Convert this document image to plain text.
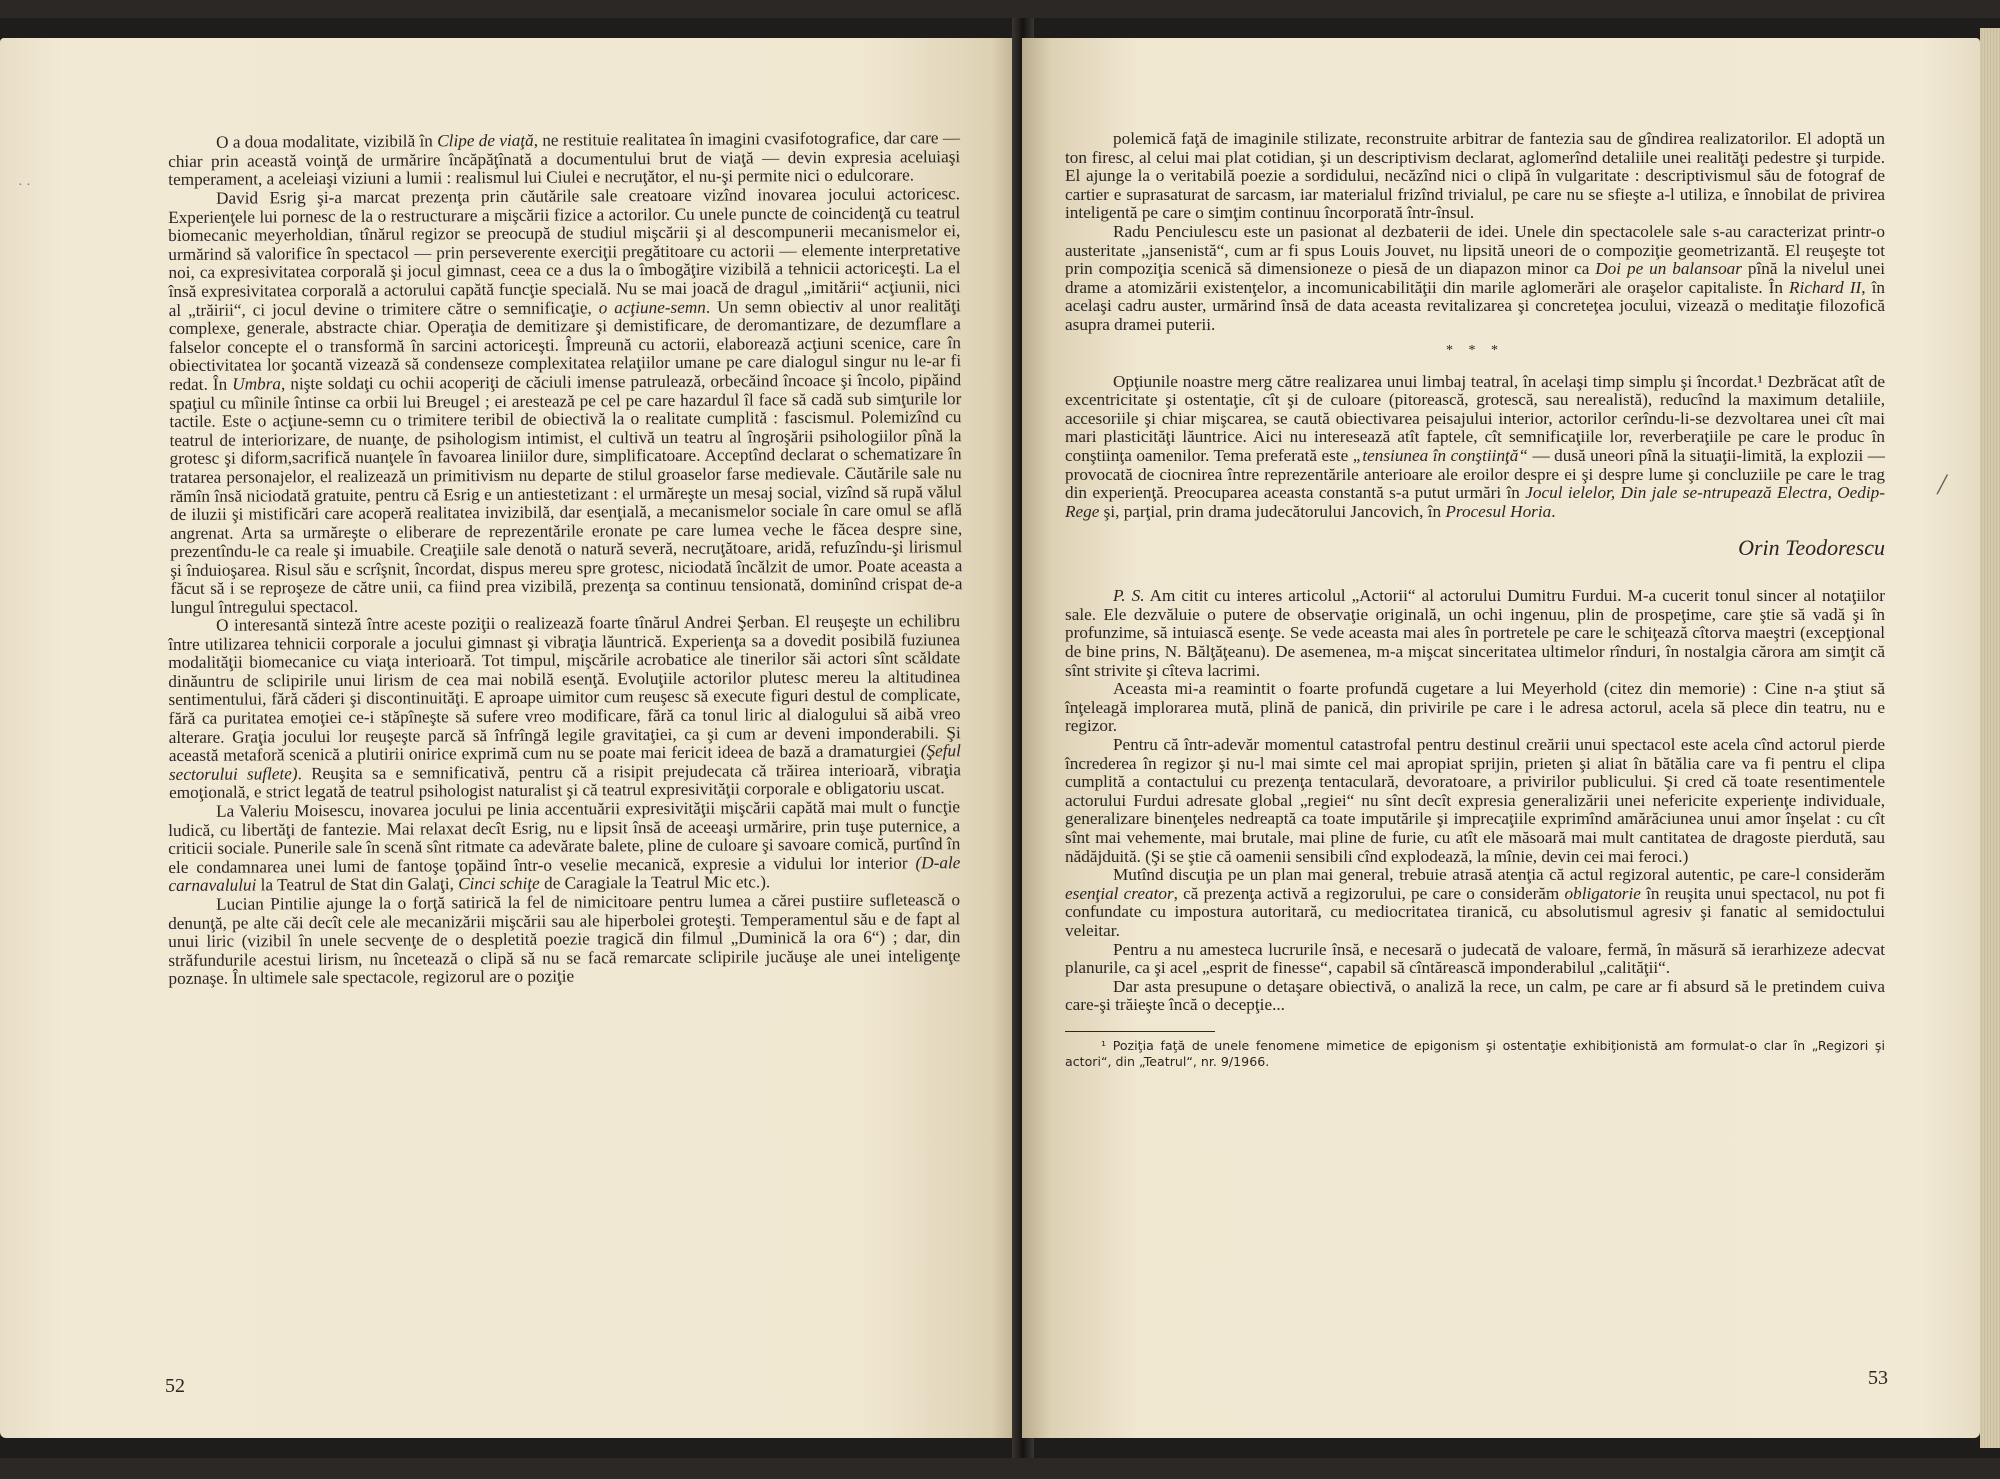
· ·

O a doua modalitate, vizibilă în Clipe de viaţă, ne restituie realitatea în imagini cvasifotografice, dar care — chiar prin această voinţă de urmărire încăpăţînată a documentului brut de viaţă — devin expresia aceluiaşi temperament, a aceleiaşi viziuni a lumii : realismul lui Ciulei e necruţător, el nu-şi permite nici o edulcorare.

David Esrig şi-a marcat prezenţa prin căutările sale creatoare vizînd inovarea jocului actoricesc. Experienţele lui pornesc de la o restructurare a mişcării fizice a actorilor. Cu unele puncte de coincidenţă cu teatrul biomecanic meyerholdian, tînărul regizor se preocupă de studiul mişcării şi al descompunerii mecanismelor ei, urmărind să valorifice în spectacol — prin perseverente exerciţii pregătitoare cu actorii — elemente interpretative noi, ca expresivitatea corporală şi jocul gimnast, ceea ce a dus la o îmbogăţire vizibilă a tehnicii actoriceşti. La el însă expresivitatea corporală a actorului capătă funcţie specială. Nu se mai joacă de dragul „imitării“ acţiunii, nici al „trăirii“, ci jocul devine o trimitere către o semnificaţie, o acţiune-semn. Un semn obiectiv al unor realităţi complexe, generale, abstracte chiar. Operaţia de demitizare şi demistificare, de deromantizare, de dezumflare a falselor concepte el o transformă în sarcini actoriceşti. Împreună cu actorii, elaborează acţiuni scenice, care în obiectivitatea lor şocantă vizează să condenseze complexitatea relaţiilor umane pe care dialogul singur nu le-ar fi redat. În Umbra, nişte soldaţi cu ochii acoperiţi de căciuli imense patrulează, orbecăind încoace şi încolo, pipăind spaţiul cu mîinile întinse ca orbii lui Breugel ; ei arestează pe cel pe care hazardul îl face să cadă sub simţurile lor tactile. Este o acţiune-semn cu o trimitere teribil de obiectivă la o realitate cumplită : fascismul. Polemizînd cu teatrul de interiorizare, de nuanţe, de psihologism intimist, el cultivă un teatru al îngroşării psihologiilor pînă la grotesc şi diform,sacrifică nuanţele în favoarea liniilor dure, simplificatoare. Acceptînd declarat o schematizare în tratarea personajelor, el realizează un primitivism nu departe de stilul groaselor farse medievale. Căutările sale nu rămîn însă niciodată gratuite, pentru că Esrig e un antiestetizant : el urmăreşte un mesaj social, vizînd să rupă vălul de iluzii şi mistificări care acoperă realitatea invizibilă, dar esenţială, a mecanismelor sociale în care omul se află angrenat. Arta sa urmăreşte o eliberare de reprezentările eronate pe care lumea veche le făcea despre sine, prezentîndu-le ca reale şi imuabile. Creaţiile sale denotă o natură severă, necruţătoare, aridă, refuzîndu-şi lirismul şi înduioşarea. Risul său e scrîşnit, încordat, dispus mereu spre grotesc, niciodată încălzit de umor. Poate aceasta a făcut să i se reproşeze de către unii, ca fiind prea vizibilă, prezenţa sa continuu tensionată, dominînd crispat de-a lungul întregului spectacol.

O interesantă sinteză între aceste poziţii o realizează foarte tînărul Andrei Şerban. El reuşeşte un echilibru între utilizarea tehnicii corporale a jocului gimnast şi vibraţia lăuntrică. Experienţa sa a dovedit posibilă fuziunea modalităţii biomecanice cu viaţa interioară. Tot timpul, mişcările acrobatice ale tinerilor săi actori sînt scăldate dinăuntru de sclipirile unui lirism de cea mai nobilă esenţă. Evoluţiile actorilor plutesc mereu la altitudinea sentimentului, fără căderi şi discontinuităţi. E aproape uimitor cum reuşesc să execute figuri destul de complicate, fără ca puritatea emoţiei ce-i stăpîneşte să sufere vreo modificare, fără ca tonul liric al dialogului să aibă vreo alterare. Graţia jocului lor reuşeşte parcă să înfrîngă legile gravitaţiei, ca şi cum ar deveni imponderabili. Şi această metaforă scenică a plutirii onirice exprimă cum nu se poate mai fericit ideea de bază a dramaturgiei (Şeful sectorului suflete). Reuşita sa e semnificativă, pentru că a risipit prejudecata că trăirea interioară, vibraţia emoţională, e strict legată de teatrul psihologist naturalist şi că teatrul expresivităţii corporale e obligatoriu uscat.

La Valeriu Moisescu, inovarea jocului pe linia accentuării expresivităţii mişcării capătă mai mult o funcţie ludică, cu libertăţi de fantezie. Mai relaxat decît Esrig, nu e lipsit însă de aceeaşi urmărire, prin tuşe puternice, a criticii sociale. Punerile sale în scenă sînt ritmate ca adevărate balete, pline de culoare şi savoare comică, purtînd în ele condamnarea unei lumi de fantoşe ţopăind într-o veselie mecanică, expresie a vidului lor interior (D-ale carnavalului la Teatrul de Stat din Galaţi, Cinci schiţe de Caragiale la Teatrul Mic etc.).

Lucian Pintilie ajunge la o forţă satirică la fel de nimicitoare pentru lumea a cărei pustiire sufletească o denunţă, pe alte căi decît cele ale mecanizării mişcării sau ale hiperbolei groteşti. Temperamentul său e de fapt al unui liric (vizibil în unele secvenţe de o despletită poezie tragică din filmul „Duminică la ora 6“) ; dar, din străfundurile acestui lirism, nu încetează o clipă să nu se facă remarcate sclipirile jucăuşe ale unei inteligenţe poznaşe. În ultimele sale spectacole, regizorul are o poziţie

52
/

polemică faţă de imaginile stilizate, reconstruite arbitrar de fantezia sau de gîndirea realizatorilor. El adoptă un ton firesc, al celui mai plat cotidian, şi un descriptivism declarat, aglomerînd detaliile unei realităţi pedestre şi turpide. El ajunge la o veritabilă poezie a sordidului, necăzînd nici o clipă în vulgaritate : descriptivismul său de fotograf de cartier e suprasaturat de sarcasm, iar materialul frizînd trivialul, pe care nu se sfieşte a-l utiliza, e înnobilat de privirea inteligentă pe care o simţim continuu încorporată într-însul.

Radu Penciulescu este un pasionat al dezbaterii de idei. Unele din spectacolele sale s-au caracterizat printr-o austeritate „jansenistă“, cum ar fi spus Louis Jouvet, nu lipsită uneori de o compoziţie geometrizantă. El reuşeşte tot prin compoziţia scenică să dimensioneze o piesă de un diapazon minor ca Doi pe un balansoar pînă la nivelul unei drame a atomizării existenţelor, a incomunicabilităţii din marile aglomerări ale oraşelor capitaliste. În Richard II, în acelaşi cadru auster, urmărind însă de data aceasta revitalizarea şi concreteţea jocului, vizează o meditaţie filozofică asupra dramei puterii.

* * *

Opţiunile noastre merg către realizarea unui limbaj teatral, în acelaşi timp simplu şi încordat.¹ Dezbrăcat atît de excentricitate şi ostentaţie, cît şi de culoare (pitorească, grotescă, sau nerealistă), reducînd la maximum detaliile, accesoriile şi chiar mişcarea, se caută obiectivarea peisajului interior, actorilor cerîndu-li-se dezvoltarea unei cît mai mari plasticităţi lăuntrice. Aici nu interesează atît faptele, cît semnificaţiile lor, reverberaţiile pe care le produc în conştiinţa oamenilor. Tema preferată este „tensiunea în conştiinţă“ — dusă uneori pînă la situaţii-limită, la explozii — provocată de ciocnirea între reprezentările anterioare ale eroilor despre ei şi despre lume şi concluziile pe care le trag din experienţă. Preocuparea aceasta constantă s-a putut urmări în Jocul ielelor, Din jale se-ntrupează Electra, Oedip-Rege şi, parţial, prin drama judecătorului Jancovich, în Procesul Horia.

Orin Teodorescu

P. S. Am citit cu interes articolul „Actorii“ al actorului Dumitru Furdui. M-a cucerit tonul sincer al notaţiilor sale. Ele dezvăluie o putere de observaţie originală, un ochi ingenuu, plin de prospeţime, care ştie să vadă şi în profunzime, să intuiască esenţe. Se vede aceasta mai ales în portretele pe care le schiţează cîtorva maeştri (excepţional de bine prins, N. Bălţăţeanu). De asemenea, m-a mişcat sinceritatea ultimelor rînduri, în nostalgia cărora am simţit că sînt strivite şi cîteva lacrimi.

Aceasta mi-a reamintit o foarte profundă cugetare a lui Meyerhold (citez din memorie) : Cine n-a ştiut să înţeleagă implorarea mută, plină de panică, din privirile pe care i le adresa actorul, acela să plece din teatru, nu e regizor.

Pentru că într-adevăr momentul catastrofal pentru destinul creării unui spectacol este acela cînd actorul pierde încrederea în regizor şi nu-l mai simte cel mai apropiat sprijin, prieten şi aliat în bătălia care va fi pentru el clipa cumplită a contactului cu prezenţa tentaculară, devoratoare, a privirilor publicului. Şi cred că toate resentimentele actorului Furdui adresate global „regiei“ nu sînt decît expresia generalizării unei nefericite experienţe individuale, generalizare binenţeles nedreaptă ca toate imputările şi imprecaţiile exprimînd amărăciunea unui amor înşelat : cu cît sînt mai vehemente, mai brutale, mai pline de furie, cu atît ele măsoară mai mult cantitatea de dragoste pierdută, sau nădăjduită. (Şi se ştie că oamenii sensibili cînd explodează, la mînie, devin cei mai feroci.)

Mutînd discuţia pe un plan mai general, trebuie atrasă atenţia că actul regizoral autentic, pe care-l considerăm esenţial creator, că prezenţa activă a regizorului, pe care o considerăm obligatorie în reuşita unui spectacol, nu pot fi confundate cu impostura autoritară, cu mediocritatea tiranică, cu absolutismul agresiv şi fanatic al semidoctului veleitar.

Pentru a nu amesteca lucrurile însă, e necesară o judecată de valoare, fermă, în măsură să ierarhizeze adecvat planurile, ca şi acel „esprit de finesse“, capabil să cîntărească imponderabilul „calităţii“.

Dar asta presupune o detaşare obiectivă, o analiză la rece, un calm, pe care ar fi absurd să le pretindem cuiva care-şi trăieşte încă o decepţie...

¹ Poziţia faţă de unele fenomene mimetice de epigonism şi ostentaţie exhibiţionistă am formulat-o clar în „Regizori şi actori“, din „Teatrul“, nr. 9/1966.

53
